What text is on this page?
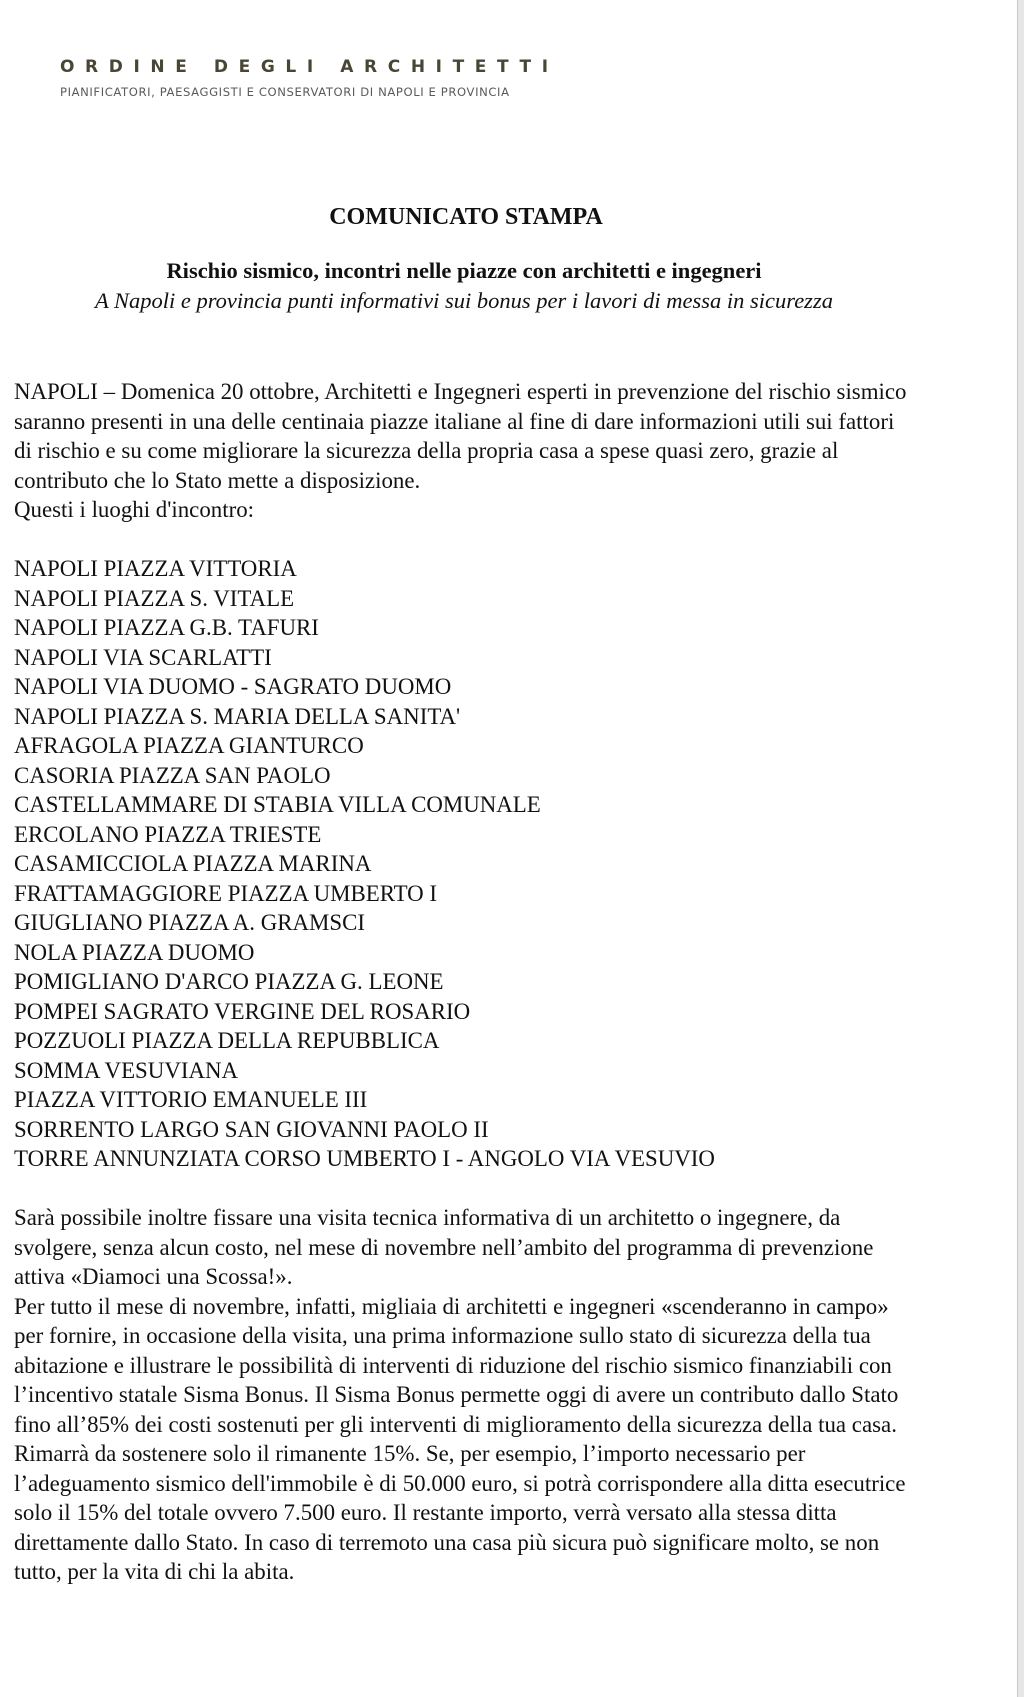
ORDINE DEGLI ARCHITETTI

PIANIFICATORI, PAESAGGISTI E CONSERVATORI DI NAPOLI E PROVINCIA

COMUNICATO STAMPA
Rischio sismico, incontri nelle piazze con architetti e ingegneri

A Napoli e provincia punti informativi sui bonus per i lavori di messa in sicurezza

NAPOLI – Domenica 20 ottobre, Architetti e Ingegneri esperti in prevenzione del rischio sismico saranno presenti in una delle centinaia piazze italiane al fine di dare informazioni utili sui fattori di rischio e su come migliorare la sicurezza della propria casa a spese quasi zero, grazie al contributo che lo Stato mette a disposizione.

Questi i luoghi d'incontro:

NAPOLI PIAZZA VITTORIA
NAPOLI PIAZZA S. VITALE
NAPOLI PIAZZA G.B. TAFURI
NAPOLI VIA SCARLATTI
NAPOLI VIA DUOMO - SAGRATO DUOMO
NAPOLI PIAZZA S. MARIA DELLA SANITA'
AFRAGOLA PIAZZA GIANTURCO
CASORIA PIAZZA SAN PAOLO
CASTELLAMMARE DI STABIA VILLA COMUNALE
ERCOLANO PIAZZA TRIESTE
CASAMICCIOLA PIAZZA MARINA
FRATTAMAGGIORE PIAZZA UMBERTO I
GIUGLIANO PIAZZA A. GRAMSCI
NOLA PIAZZA DUOMO
POMIGLIANO D'ARCO PIAZZA G. LEONE
POMPEI SAGRATO VERGINE DEL ROSARIO
POZZUOLI PIAZZA DELLA REPUBBLICA
SOMMA VESUVIANA
PIAZZA VITTORIO EMANUELE III
SORRENTO LARGO SAN GIOVANNI PAOLO II
TORRE ANNUNZIATA CORSO UMBERTO I - ANGOLO VIA VESUVIO

Sarà possibile inoltre fissare una visita tecnica informativa di un architetto o ingegnere, da svolgere, senza alcun costo, nel mese di novembre nell’ambito del programma di prevenzione attiva «Diamoci una Scossa!».

Per tutto il mese di novembre, infatti, migliaia di architetti e ingegneri «scenderanno in campo» per fornire, in occasione della visita, una prima informazione sullo stato di sicurezza della tua abitazione e illustrare le possibilità di interventi di riduzione del rischio sismico finanziabili con l’incentivo statale Sisma Bonus. Il Sisma Bonus permette oggi di avere un contributo dallo Stato fino all’85% dei costi sostenuti per gli interventi di miglioramento della sicurezza della tua casa.

Rimarrà da sostenere solo il rimanente 15%. Se, per esempio, l’importo necessario per l’adeguamento sismico dell'immobile è di 50.000 euro, si potrà corrispondere alla ditta esecutrice solo il 15% del totale ovvero 7.500 euro. Il restante importo, verrà versato alla stessa ditta direttamente dallo Stato. In caso di terremoto una casa più sicura può significare molto, se non tutto, per la vita di chi la abita.
